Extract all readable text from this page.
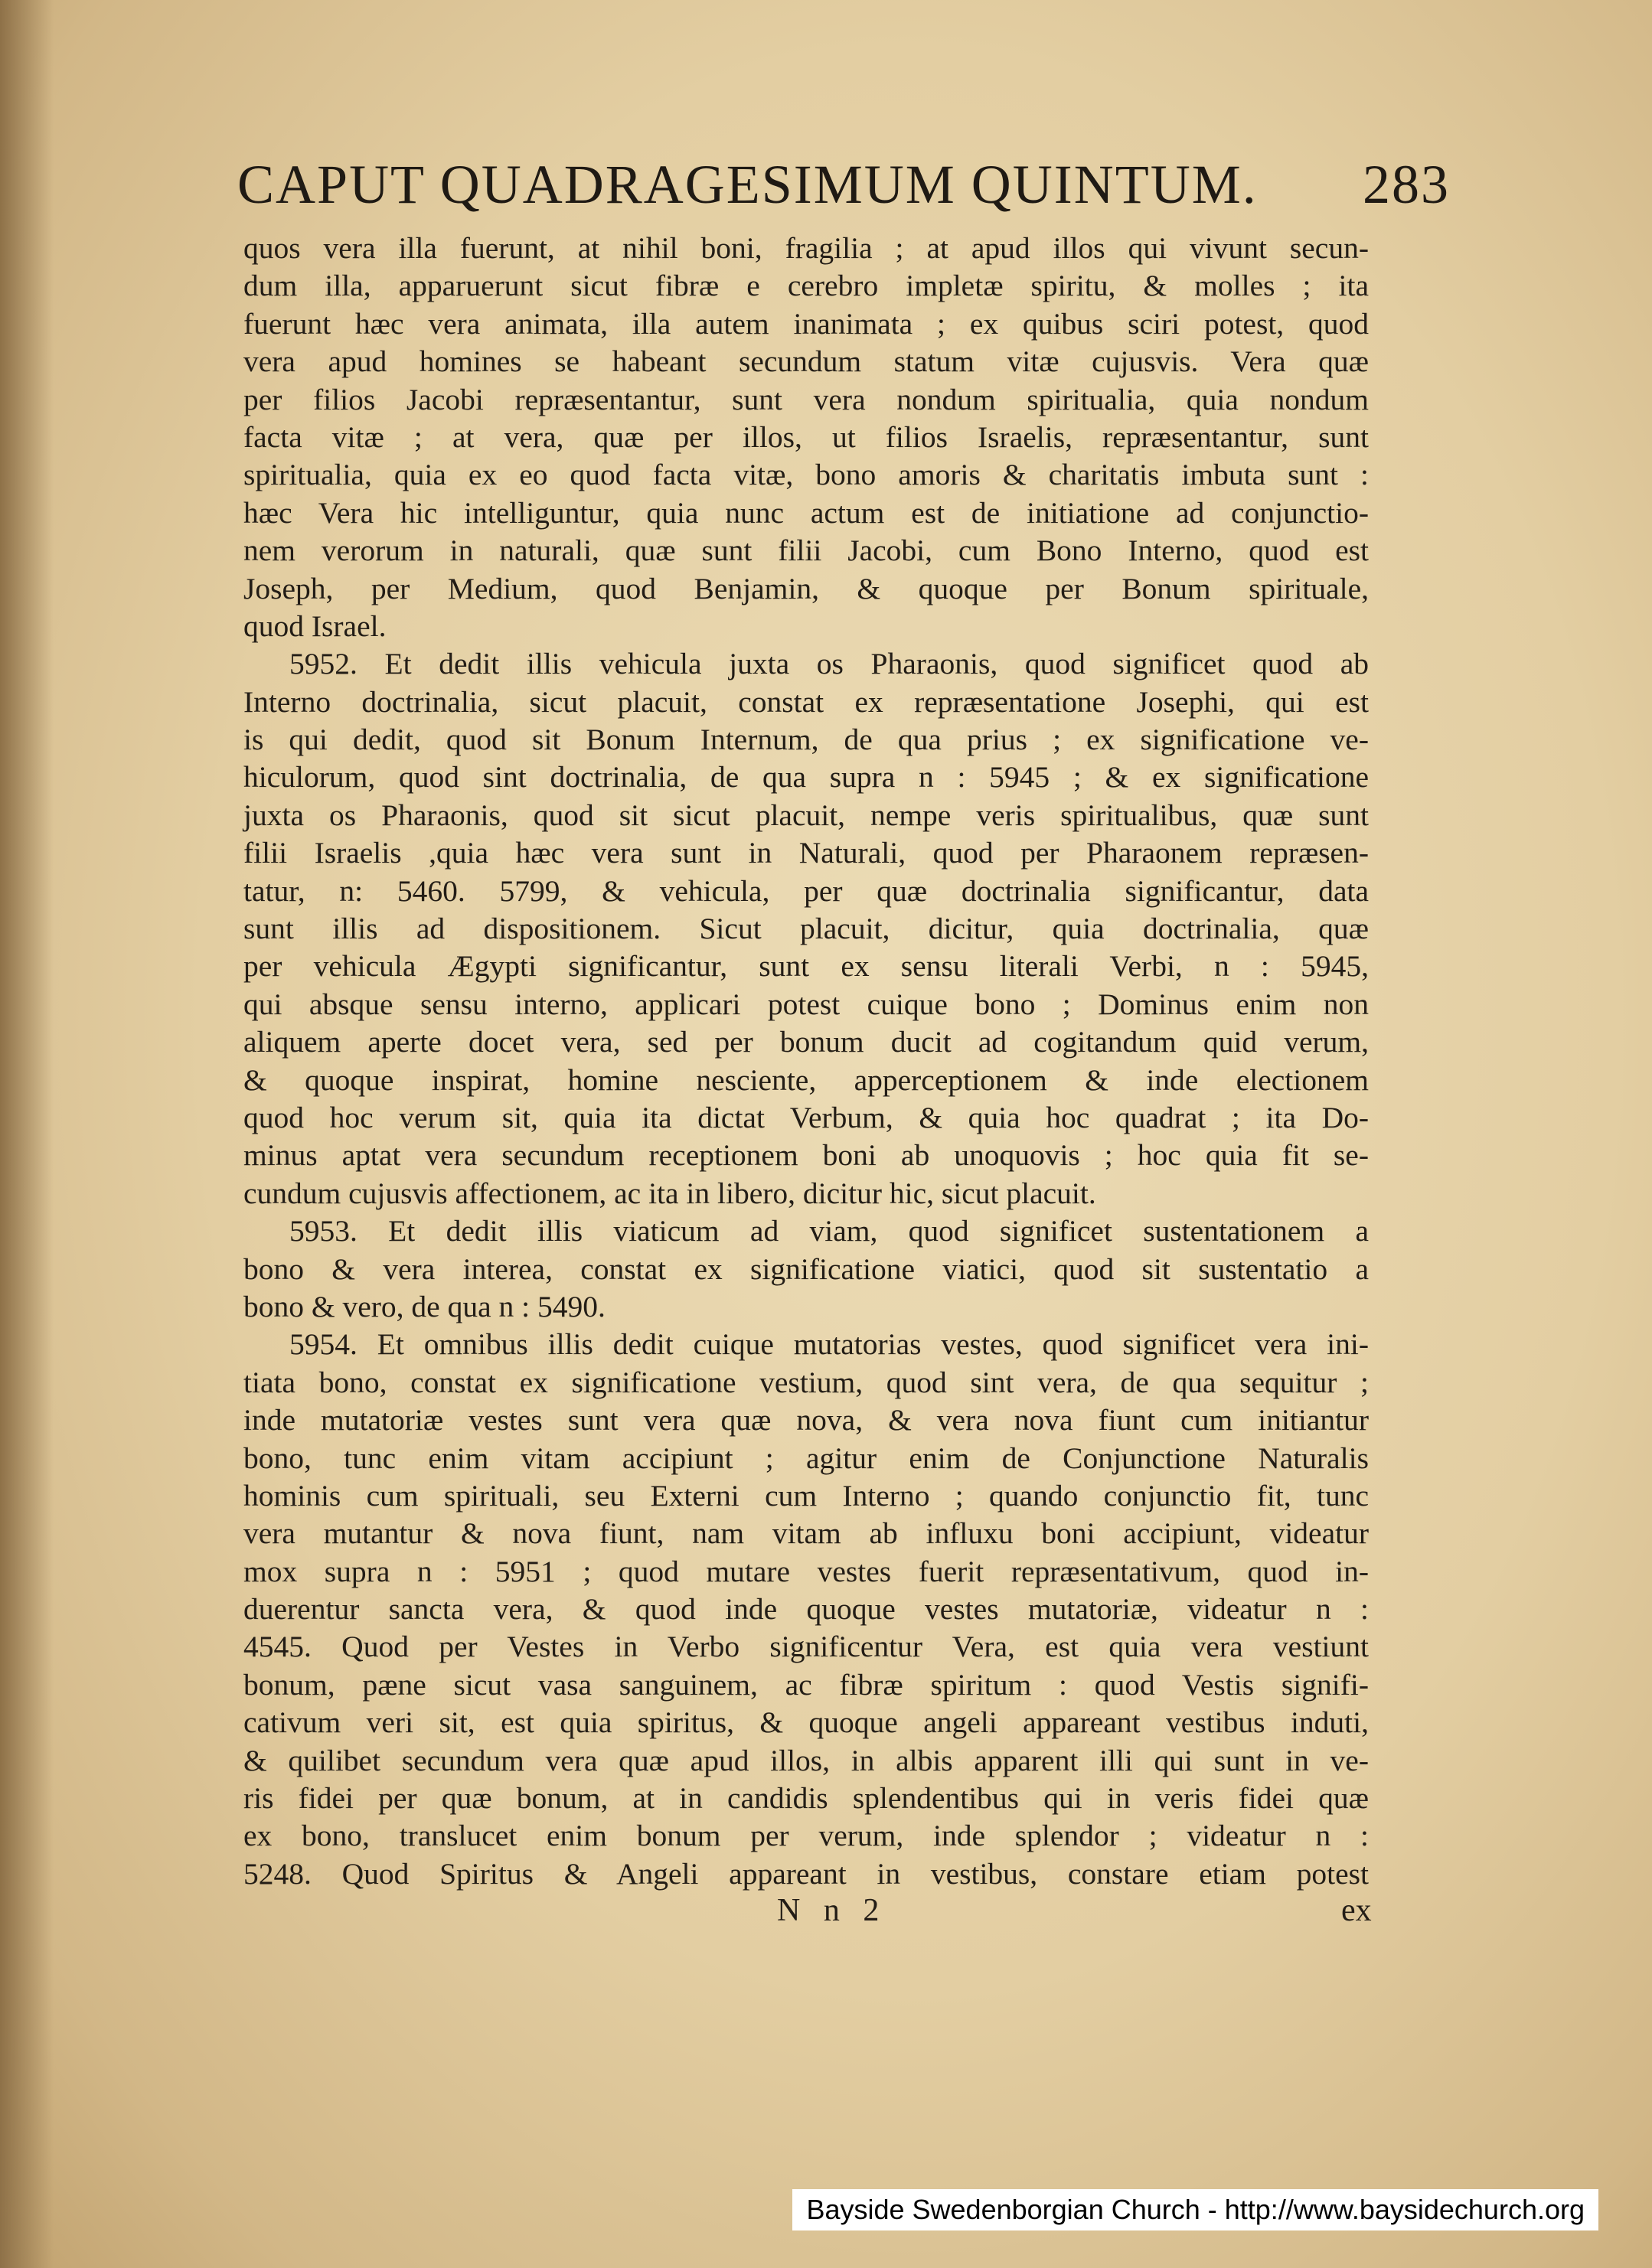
CAPUT QUADRAGESIMUM QUINTUM. 283
quos vera illa fuerunt, at nihil boni, fragilia ; at apud illos qui vivunt secun-
dum illa, apparuerunt sicut fibræ e cerebro impletæ spiritu, & molles ; ita
fuerunt hæc vera animata, illa autem inanimata ; ex quibus sciri potest, quod
vera apud homines se habeant secundum statum vitæ cujusvis. Vera quæ
per filios Jacobi repræsentantur, sunt vera nondum spiritualia, quia nondum
facta vitæ ; at vera, quæ per illos, ut filios Israelis, repræsentantur, sunt
spiritualia, quia ex eo quod facta vitæ, bono amoris & charitatis imbuta sunt :
hæc Vera hic intelliguntur, quia nunc actum est de initiatione ad conjunctio-
nem verorum in naturali, quæ sunt filii Jacobi, cum Bono Interno, quod est
Joseph, per Medium, quod Benjamin, & quoque per Bonum spirituale,
quod Israel.
5952. Et dedit illis vehicula juxta os Pharaonis, quod significet quod ab
Interno doctrinalia, sicut placuit, constat ex repræsentatione Josephi, qui est
is qui dedit, quod sit Bonum Internum, de qua prius ; ex significatione ve-
hiculorum, quod sint doctrinalia, de qua supra n : 5945 ; & ex significatione
juxta os Pharaonis, quod sit sicut placuit, nempe veris spiritualibus, quæ sunt
filii Israelis ,quia hæc vera sunt in Naturali, quod per Pharaonem repræsen-
tatur, n: 5460. 5799, & vehicula, per quæ doctrinalia significantur, data
sunt illis ad dispositionem. Sicut placuit, dicitur, quia doctrinalia, quæ
per vehicula Ægypti significantur, sunt ex sensu literali Verbi, n : 5945,
qui absque sensu interno, applicari potest cuique bono ; Dominus enim non
aliquem aperte docet vera, sed per bonum ducit ad cogitandum quid verum,
& quoque inspirat, homine nesciente, apperceptionem & inde electionem
quod hoc verum sit, quia ita dictat Verbum, & quia hoc quadrat ; ita Do-
minus aptat vera secundum receptionem boni ab unoquovis ; hoc quia fit se-
cundum cujusvis affectionem, ac ita in libero, dicitur hic, sicut placuit.
5953. Et dedit illis viaticum ad viam, quod significet sustentationem a
bono & vera interea, constat ex significatione viatici, quod sit sustentatio a
bono & vero, de qua n : 5490.
5954. Et omnibus illis dedit cuique mutatorias vestes, quod significet vera ini-
tiata bono, constat ex significatione vestium, quod sint vera, de qua sequitur ;
inde mutatoriæ vestes sunt vera quæ nova, & vera nova fiunt cum initiantur
bono, tunc enim vitam accipiunt ; agitur enim de Conjunctione Naturalis
hominis cum spirituali, seu Externi cum Interno ; quando conjunctio fit, tunc
vera mutantur & nova fiunt, nam vitam ab influxu boni accipiunt, videatur
mox supra n : 5951 ; quod mutare vestes fuerit repræsentativum, quod in-
duerentur sancta vera, & quod inde quoque vestes mutatoriæ, videatur n :
4545. Quod per Vestes in Verbo significentur Vera, est quia vera vestiunt
bonum, pæne sicut vasa sanguinem, ac fibræ spiritum : quod Vestis signifi-
cativum veri sit, est quia spiritus, & quoque angeli appareant vestibus induti,
& quilibet secundum vera quæ apud illos, in albis apparent illi qui sunt in ve-
ris fidei per quæ bonum, at in candidis splendentibus qui in veris fidei quæ
ex bono, translucet enim bonum per verum, inde splendor ; videatur n :
5248. Quod Spiritus & Angeli appareant in vestibus, constare etiam potest
N n 2	ex
Bayside Swedenborgian Church - http://www.baysidechurch.org
